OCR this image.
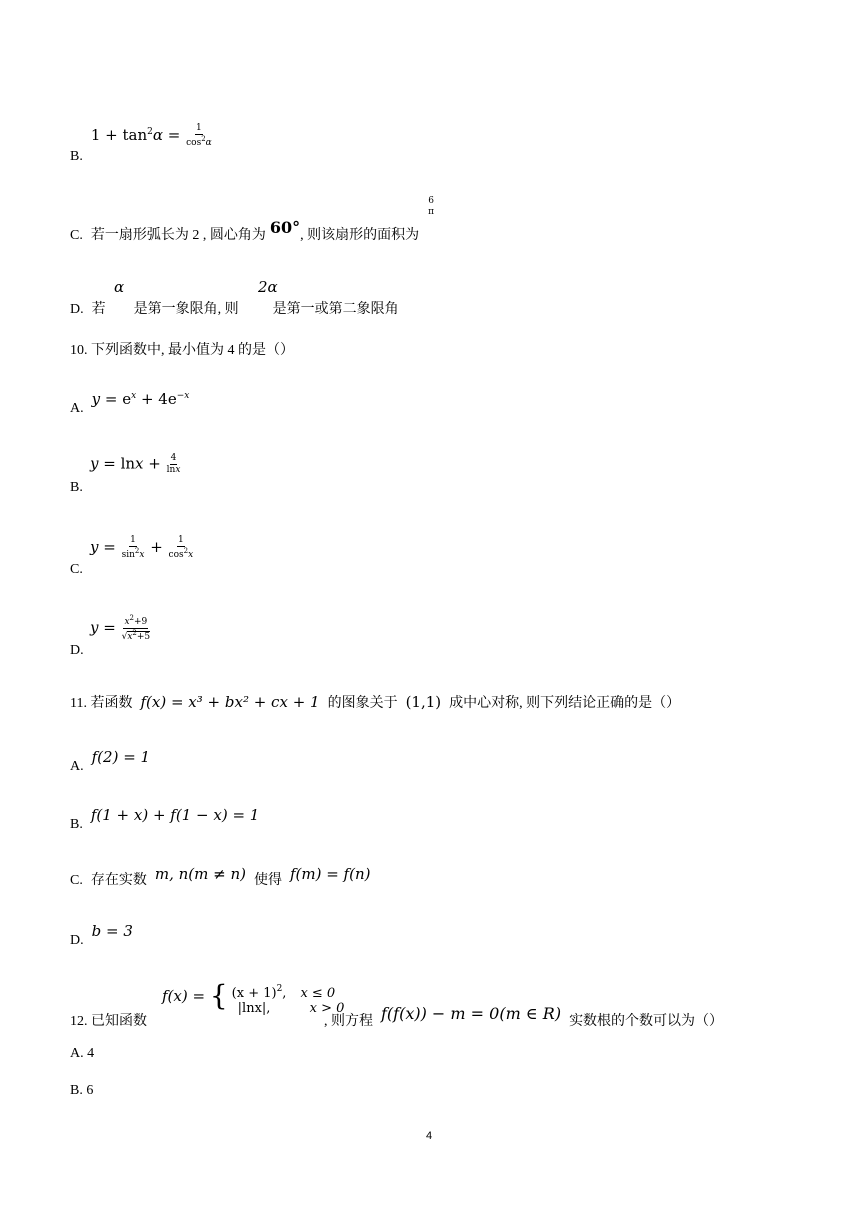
B. $1 + \tan^2\alpha = \frac{1}{\cos^2\alpha}$
C. 若一扇形弧长为 2 , 圆心角为 60°, 则该扇形的面积为
6
π
D. 若
α
是第一象限角, 则
2α
是第一或第二象限角
10. 下列函数中, 最小值为 4 的是（）
A. $y = e^x + 4e^{-x}$
B.
$y = \ln x + \frac{4}{\ln x}$
C.
$y = \frac{1}{\sin^2x} + \frac{1}{\cos^2x}$
D.
$y = \frac{x^2+9}{√x^2+5}$
11. 若函数 f(x) = x³ + bx² + cx + 1 的图象关于 (1,1) 成中心对称, 则下列结论正确的是（）
A. f(2) = 1
B. f(1 + x) + f(1 − x) = 1
C. 存在实数 m, n(m ≠ n) 使得 f(m) = f(n)
D. b = 3
12. 已知函数
f(x) = { $(x + 1)^2$, x ≤ 0
|lnx|,	x > 0
, 则方程 f(f(x)) − m = 0(m ∈ R) 实数根的个数可以为（）
A. 4
B. 6
4
